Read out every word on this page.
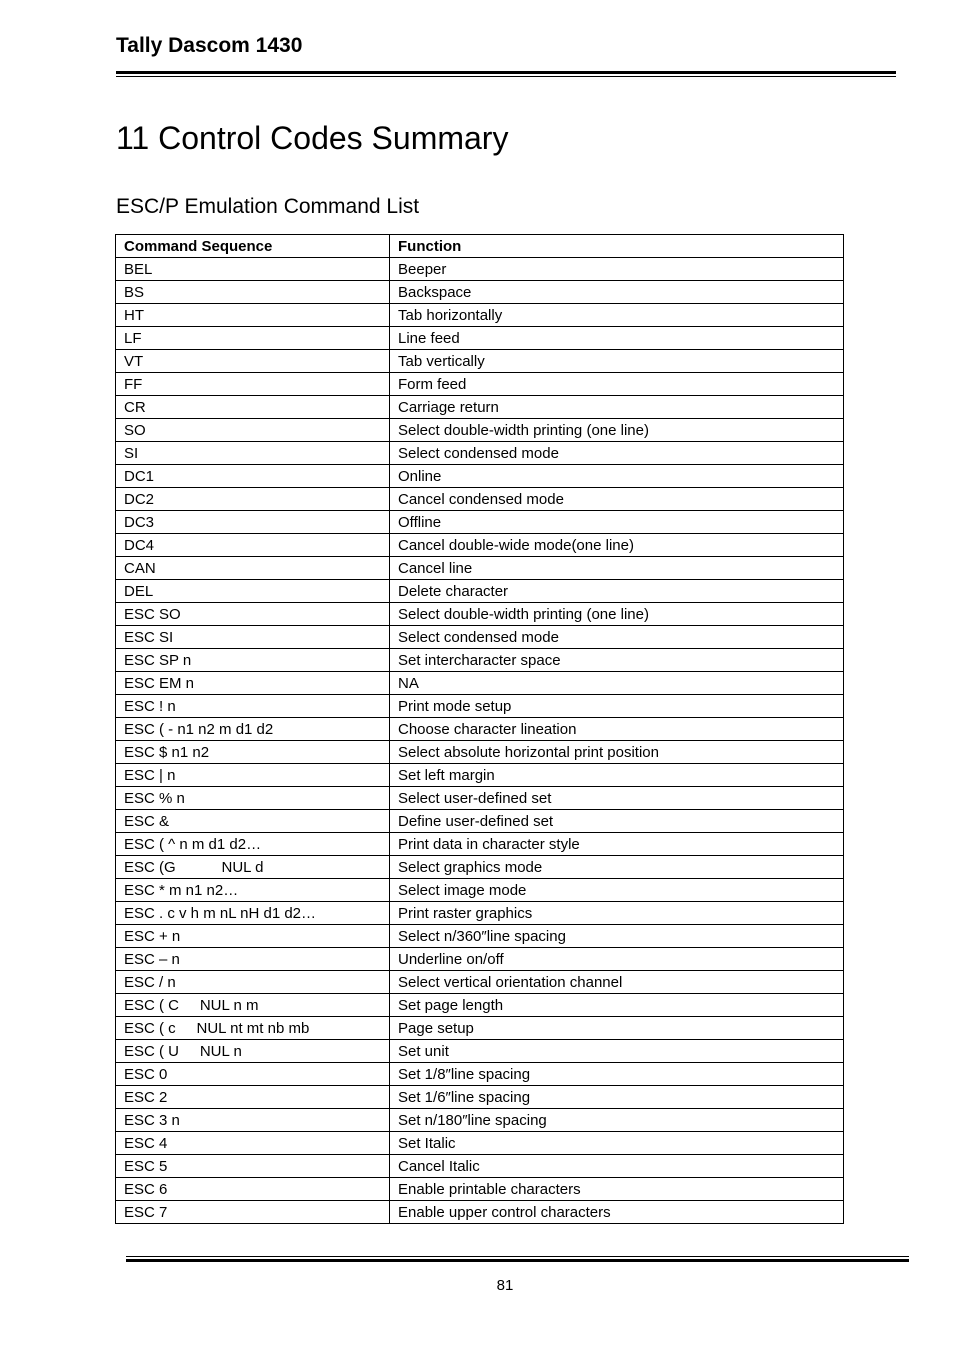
Tally Dascom 1430
11 Control Codes Summary
ESC/P Emulation Command List
Command Sequence	Function
BEL	Beeper
BS	Backspace
HT	Tab horizontally
LF	Line feed
VT	Tab vertically
FF	Form feed
CR	Carriage return
SO	Select double-width printing (one line)
SI	Select condensed mode
DC1	Online
DC2	Cancel condensed mode
DC3	Offline
DC4	Cancel double-wide mode(one line)
CAN	Cancel line
DEL	Delete character
ESC SO	Select double-width printing (one line)
ESC SI	Select condensed mode
ESC SP n	Set intercharacter space
ESC EM n	NA
ESC ! n	Print mode setup
ESC ( - n1 n2 m d1 d2	Choose character lineation
ESC $ n1 n2	Select absolute horizontal print position
ESC | n	Set left margin
ESC % n	Select user-defined set
ESC &	Define user-defined set
ESC ( ^ n m d1 d2…	Print data in character style
ESC (G           NUL d	Select graphics mode
ESC * m n1 n2…	Select image mode
ESC . c v h m nL nH d1 d2…	Print raster graphics
ESC + n	Select n/360″line spacing
ESC – n	Underline on/off
ESC / n	Select vertical orientation channel
ESC ( C     NUL n m	Set page length
ESC ( c     NUL nt mt nb mb	Page setup
ESC ( U     NUL n	Set unit
ESC 0	Set 1/8″line spacing
ESC 2	Set 1/6″line spacing
ESC 3 n	Set n/180″line spacing
ESC 4	Set Italic
ESC 5	Cancel Italic
ESC 6	Enable printable characters
ESC 7	Enable upper control characters
81
